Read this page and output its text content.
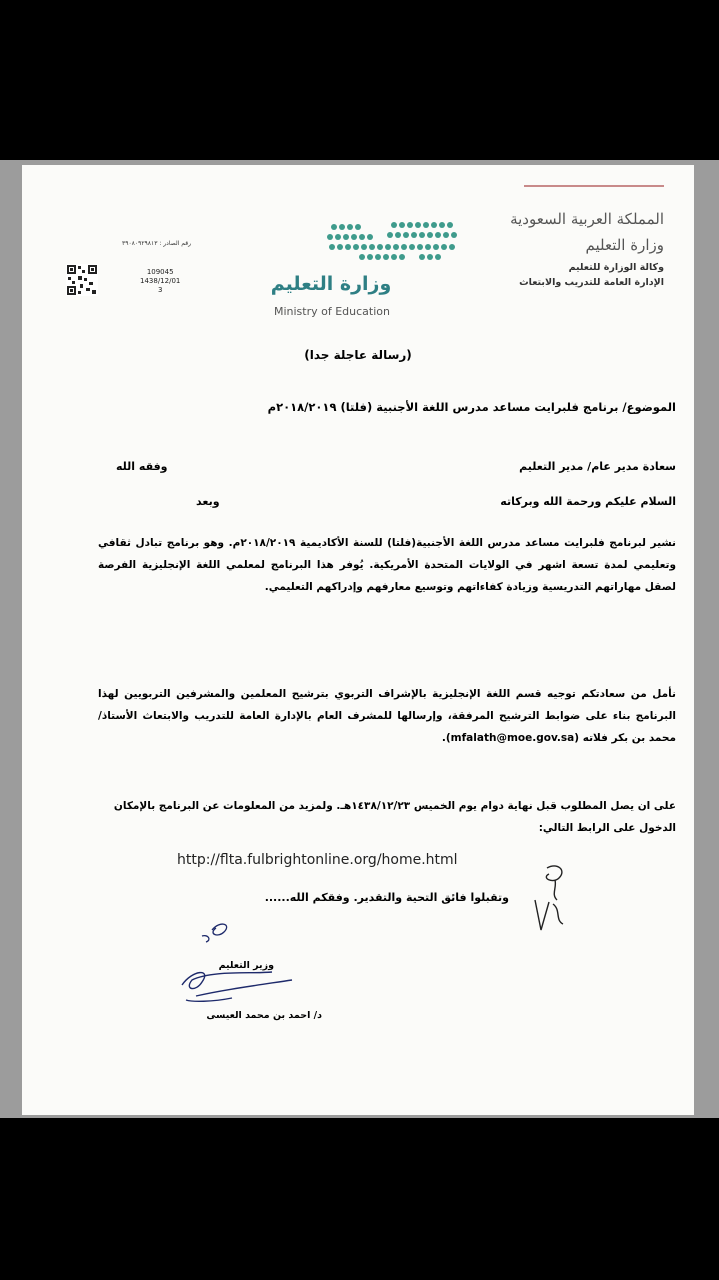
المملكة العربية السعودية
وزارة التعليم
وكالة الوزارة للتعليم
الإدارة العامة للتدريب والابتعاث
وزارة التعليم
Ministry of Education
رقم الصادر : ٣٩٠٨٠٩٢٩٨١٣
109045
1438/12/01
3
(رسالة عاجلة جدا)
الموضوع/ برنامج فلبرايت مساعد مدرس اللغة الأجنبية (فلتا) ٢٠١٨/٢٠١٩م
سعادة مدير عام/ مدير التعليم
وفقه الله
السلام عليكم ورحمة الله وبركاته
وبعد
نشير لبرنامج فلبرايت مساعد مدرس اللغة الأجنبية(فلتا) للسنة الأكاديمية ٢٠١٨/٢٠١٩م. وهو برنامج تبادل ثقافي وتعليمي لمدة تسعة اشهر في الولايات المتحدة الأمريكية. يُوفر هذا البرنامج لمعلمي اللغة الإنجليزية الفرصة لصقل مهاراتهم التدريسية وزيادة كفاءاتهم وتوسيع معارفهم وإدراكهم التعليمي.
نأمل من سعادتكم توجيه قسم اللغة الإنجليزية بالإشراف التربوي بترشيح المعلمين والمشرفين التربويين لهذا البرنامج بناء على ضوابط الترشيح المرفقة، وإرسالها للمشرف العام بالإدارة العامة للتدريب والابتعاث الأستاذ/ محمد بن بكر فلاته (mfalath@moe.gov.sa).
على ان يصل المطلوب قبل نهاية دوام يوم الخميس ١٤٣٨/١٢/٢٣هـ. ولمزيد من المعلومات عن البرنامج بالإمكان الدخول على الرابط التالي:
http://flta.fulbrightonline.org/home.html
وتقبلوا فائق التحية والتقدير. وفقكم الله......
وزير التعليم
د/ احمد بن محمد العيسى
